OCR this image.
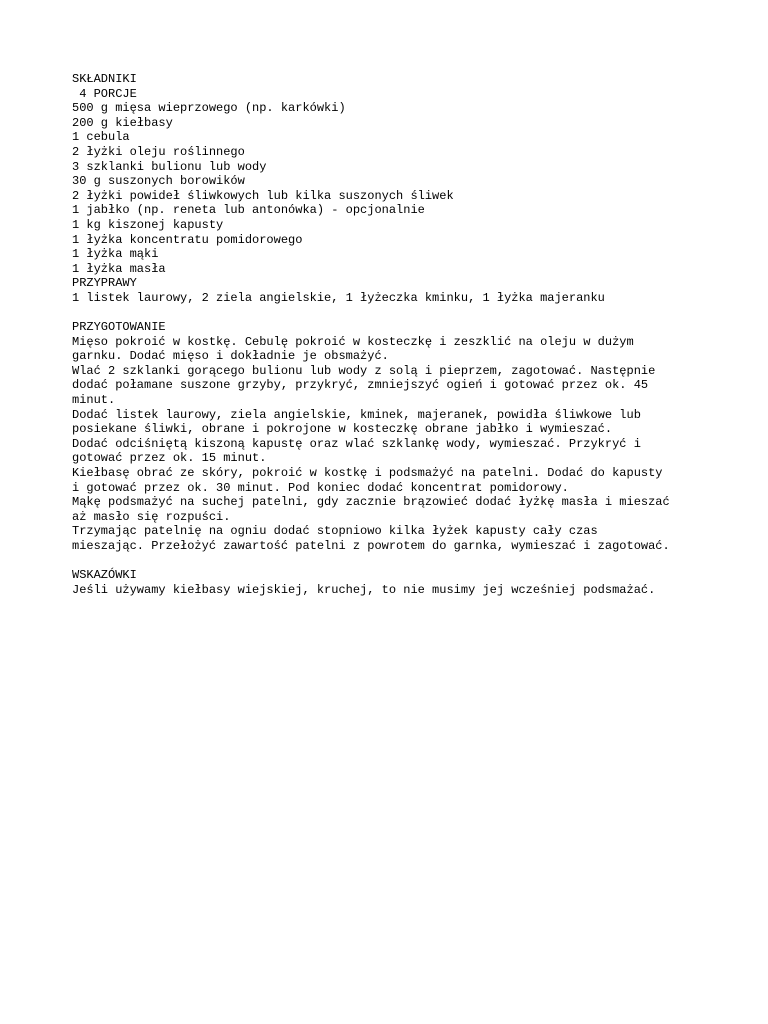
SKŁADNIKI
4 PORCJE
500 g mięsa wieprzowego (np. karkówki)
200 g kiełbasy
1 cebula
2 łyżki oleju roślinnego
3 szklanki bulionu lub wody
30 g suszonych borowików
2 łyżki powideł śliwkowych lub kilka suszonych śliwek
1 jabłko (np. reneta lub antonówka) - opcjonalnie
1 kg kiszonej kapusty
1 łyżka koncentratu pomidorowego
1 łyżka mąki
1 łyżka masła
PRZYPRAWY
1 listek laurowy, 2 ziela angielskie, 1 łyżeczka kminku, 1 łyżka majeranku
PRZYGOTOWANIE
Mięso pokroić w kostkę. Cebulę pokroić w kosteczkę i zeszklić na oleju w dużym
garnku. Dodać mięso i dokładnie je obsmażyć.
Wlać 2 szklanki gorącego bulionu lub wody z solą i pieprzem, zagotować. Następnie
dodać połamane suszone grzyby, przykryć, zmniejszyć ogień i gotować przez ok. 45
minut.
Dodać listek laurowy, ziela angielskie, kminek, majeranek, powidła śliwkowe lub
posiekane śliwki, obrane i pokrojone w kosteczkę obrane jabłko i wymieszać.
Dodać odciśniętą kiszoną kapustę oraz wlać szklankę wody, wymieszać. Przykryć i
gotować przez ok. 15 minut.
Kiełbasę obrać ze skóry, pokroić w kostkę i podsmażyć na patelni. Dodać do kapusty
i gotować przez ok. 30 minut. Pod koniec dodać koncentrat pomidorowy.
Mąkę podsmażyć na suchej patelni, gdy zacznie brązowieć dodać łyżkę masła i mieszać
aż masło się rozpuści.
Trzymając patelnię na ogniu dodać stopniowo kilka łyżek kapusty cały czas
mieszając. Przełożyć zawartość patelni z powrotem do garnka, wymieszać i zagotować.
WSKAZÓWKI
Jeśli używamy kiełbasy wiejskiej, kruchej, to nie musimy jej wcześniej podsmażać.
